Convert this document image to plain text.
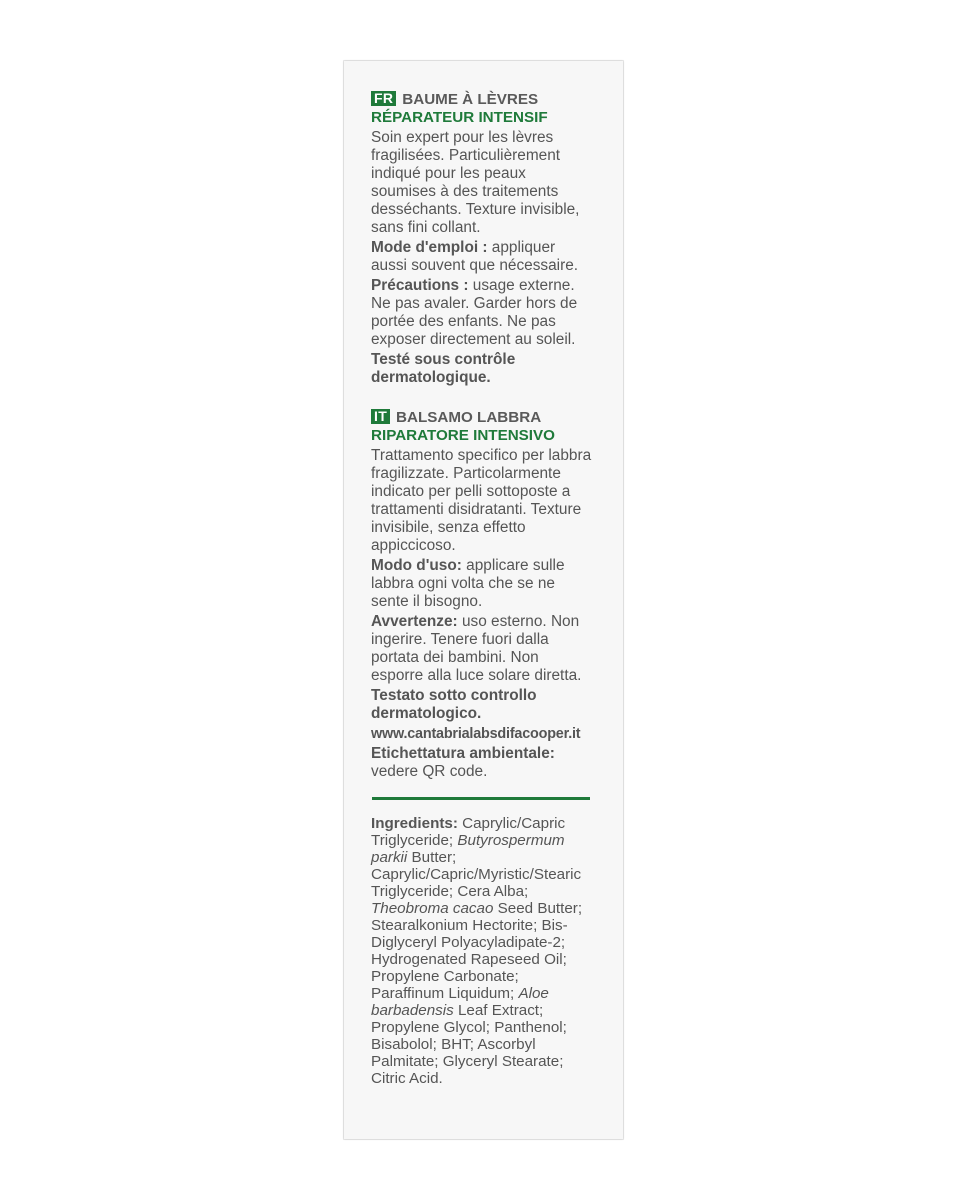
FR BAUME À LÈVRES
RÉPARATEUR INTENSIF

Soin expert pour les lèvres fragilisées. Particulièrement indiqué pour les peaux soumises à des traitements desséchants. Texture invisible, sans fini collant.

Mode d'emploi : appliquer aussi souvent que nécessaire.

Précautions : usage externe. Ne pas avaler. Garder hors de portée des enfants. Ne pas exposer directement au soleil.

Testé sous contrôle dermatologique.

IT BALSAMO LABBRA
RIPARATORE INTENSIVO

Trattamento specifico per labbra fragilizzate. Particolarmente indicato per pelli sottoposte a trattamenti disidratanti. Texture invisibile, senza effetto appiccicoso.

Modo d'uso: applicare sulle labbra ogni volta che se ne sente il bisogno.

Avvertenze: uso esterno. Non ingerire. Tenere fuori dalla portata dei bambini. Non esporre alla luce solare diretta.

Testato sotto controllo dermatologico.

www.cantabrialabsdifacooper.it

Etichettatura ambientale:
vedere QR code.

Ingredients: Caprylic/Capric Triglyceride; Butyrospermum parkii Butter; Caprylic/Capric/Myristic/Stearic Triglyceride; Cera Alba; Theobroma cacao Seed Butter; Stearalkonium Hectorite; Bis-Diglyceryl Polyacyladipate-2; Hydrogenated Rapeseed Oil; Propylene Carbonate; Paraffinum Liquidum; Aloe barbadensis Leaf Extract; Propylene Glycol; Panthenol; Bisabolol; BHT; Ascorbyl Palmitate; Glyceryl Stearate; Citric Acid.
